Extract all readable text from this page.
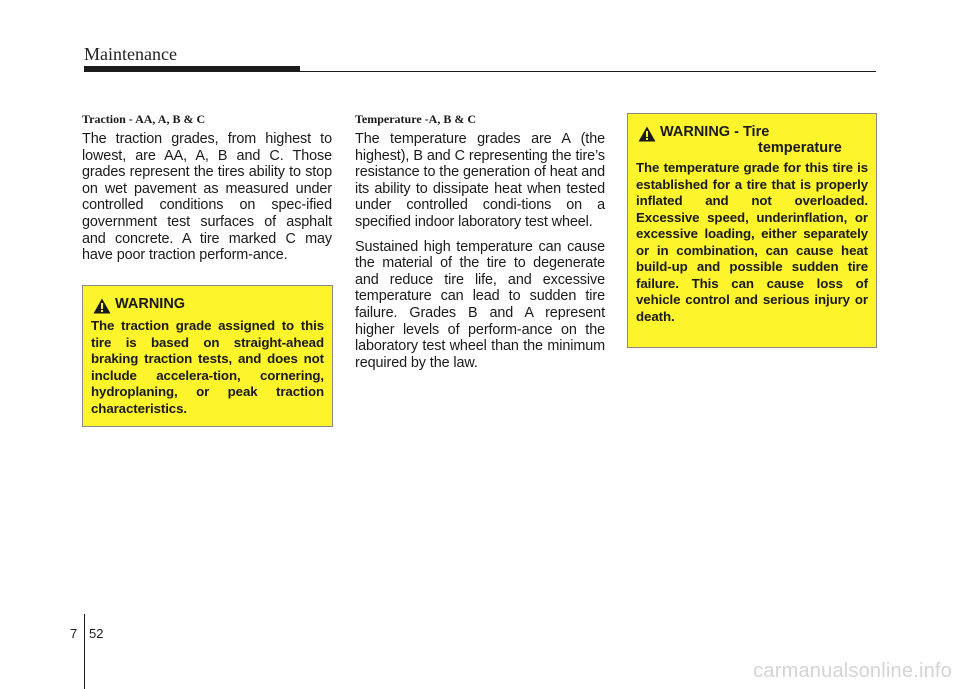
Maintenance

Traction - AA, A, B & C

The traction grades, from highest to lowest, are AA, A, B and C. Those grades represent the tires ability to stop on wet pavement as measured under controlled conditions on spec-ified government test surfaces of asphalt and concrete. A tire marked C may have poor traction perform-ance.

WARNING

The traction grade assigned to this tire is based on straight-ahead braking traction tests, and does not include accelera-tion, cornering, hydroplaning, or peak traction characteristics.

Temperature -A, B & C

The temperature grades are A (the highest), B and C representing the tire’s resistance to the generation of heat and its ability to dissipate heat when tested under controlled condi-tions on a specified indoor laboratory test wheel.

Sustained high temperature can cause the material of the tire to degenerate and reduce tire life, and excessive temperature can lead to sudden tire failure. Grades B and A represent higher levels of perform-ance on the laboratory test wheel than the minimum required by the law.

WARNING - Tire
temperature

The temperature grade for this tire is established for a tire that is properly inflated and not overloaded. Excessive speed, underinflation, or excessive loading, either separately or in combination, can cause heat build-up and possible sudden tire failure. This can cause loss of vehicle control and serious injury or death.

7 52
carmanualsonline.info
